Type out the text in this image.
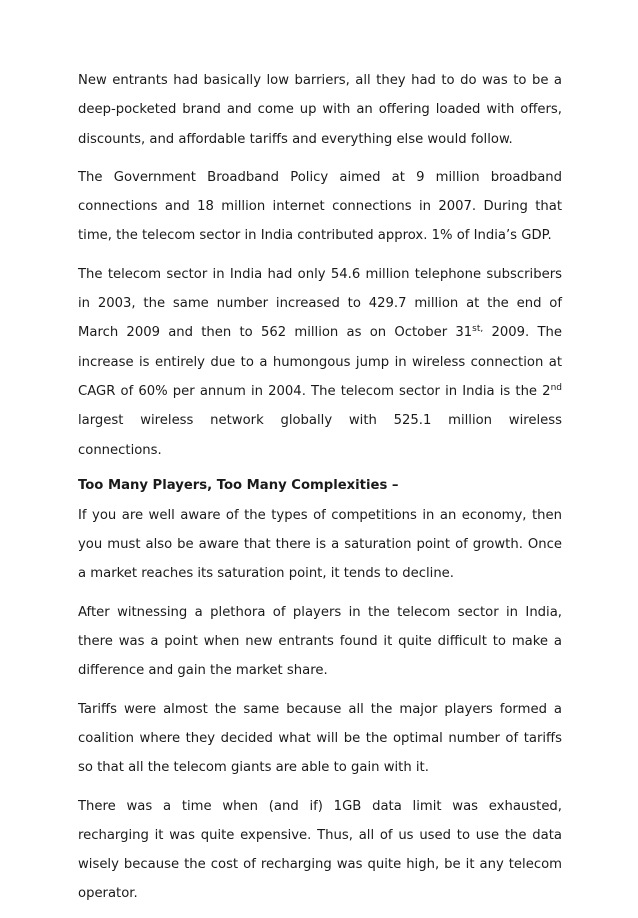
New entrants had basically low barriers, all they had to do was to be a deep-pocketed brand and come up with an offering loaded with offers, discounts, and affordable tariffs and everything else would follow.

The Government Broadband Policy aimed at 9 million broadband connections and 18 million internet connections in 2007. During that time, the telecom sector in India contributed approx. 1% of India’s GDP.

The telecom sector in India had only 54.6 million telephone subscribers in 2003, the same number increased to 429.7 million at the end of March 2009 and then to 562 million as on October $31^{st,}$ 2009. The increase is entirely due to a humongous jump in wireless connection at CAGR of 60% per annum in 2004. The telecom sector in India is the 2nd largest wireless network globally with 525.1 million wireless connections.

Too Many Players, Too Many Complexities –

If you are well aware of the types of competitions in an economy, then you must also be aware that there is a saturation point of growth. Once a market reaches its saturation point, it tends to decline.

After witnessing a plethora of players in the telecom sector in India, there was a point when new entrants found it quite difficult to make a difference and gain the market share.

Tariffs were almost the same because all the major players formed a coalition where they decided what will be the optimal number of tariffs so that all the telecom giants are able to gain with it.

There was a time when (and if) 1GB data limit was exhausted, recharging it was quite expensive. Thus, all of us used to use the data wisely because the cost of recharging was quite high, be it any telecom operator.
